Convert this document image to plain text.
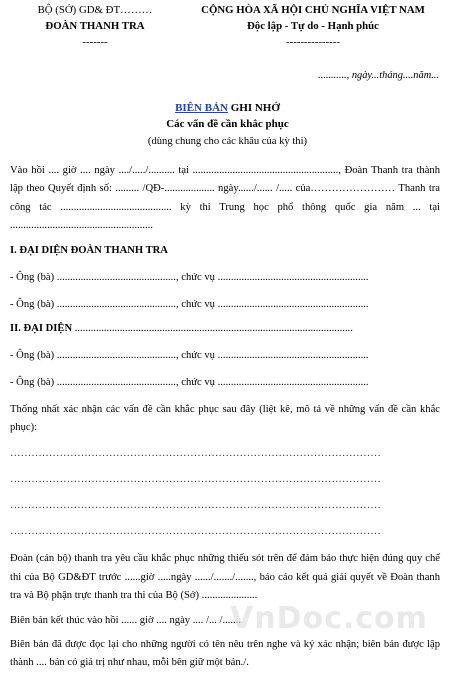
BỘ (SỞ) GD& ĐT………
ĐOÀN THANH TRA
-------
CỘNG HÒA XÃ HỘI CHỦ NGHĨA VIỆT NAM
Độc lập - Tự do - Hạnh phúc
---------------
..........., ngày...tháng....năm...
BIÊN BẢN GHI NHỚ
Các vấn đề cần khắc phục
(dùng chung cho các khâu của kỳ thi)

Vào hồi .... giờ .... ngày ..../...../.......... tại ......................................................., Đoàn Thanh tra thành lập theo Quyết định số: ......... /QĐ-................... ngày....../...... /..... của…………………… Thanh tra công tác .......................................... kỳ thi Trung học phổ thông quốc gia năm ... tại ......................................................

I. ĐẠI DIỆN ĐOÀN THANH TRA
- Ông (bà) ............................................., chức vụ .........................................................
- Ông (bà) ............................................., chức vụ .........................................................
II. ĐẠI DIỆN .........................................................................................................
- Ông (bà) ............................................., chức vụ .........................................................
- Ông (bà) ............................................., chức vụ .........................................................

Thống nhất xác nhận các vấn đề cần khắc phục sau đây (liệt kê, mô tả về những vấn đề cần khắc phục):

……………………………………………………………………………………………
……………………………………………………………………………………………
……………………………………………………………………………………………
……………………………………………………………………………………………

Đoàn (cán bộ) thanh tra yêu cầu khắc phục những thiếu sót trên để đảm bảo thực hiện đúng quy chế thi của Bộ GD&ĐT trước ......giờ .....ngày ....../......./......., báo cáo kết quả giải quyết về Đoàn thanh tra và Bộ phận trực thanh tra thi của Bộ (Sở) .....................

Biên bản kết thúc vào hồi ...... giờ .... ngày .... /... /.......

Biên bản đã được đọc lại cho những người có tên nêu trên nghe và ký xác nhận; biên bản được lập thành .... bản có giá trị như nhau, mỗi bên giữ một bản./.

VnDoc.com
